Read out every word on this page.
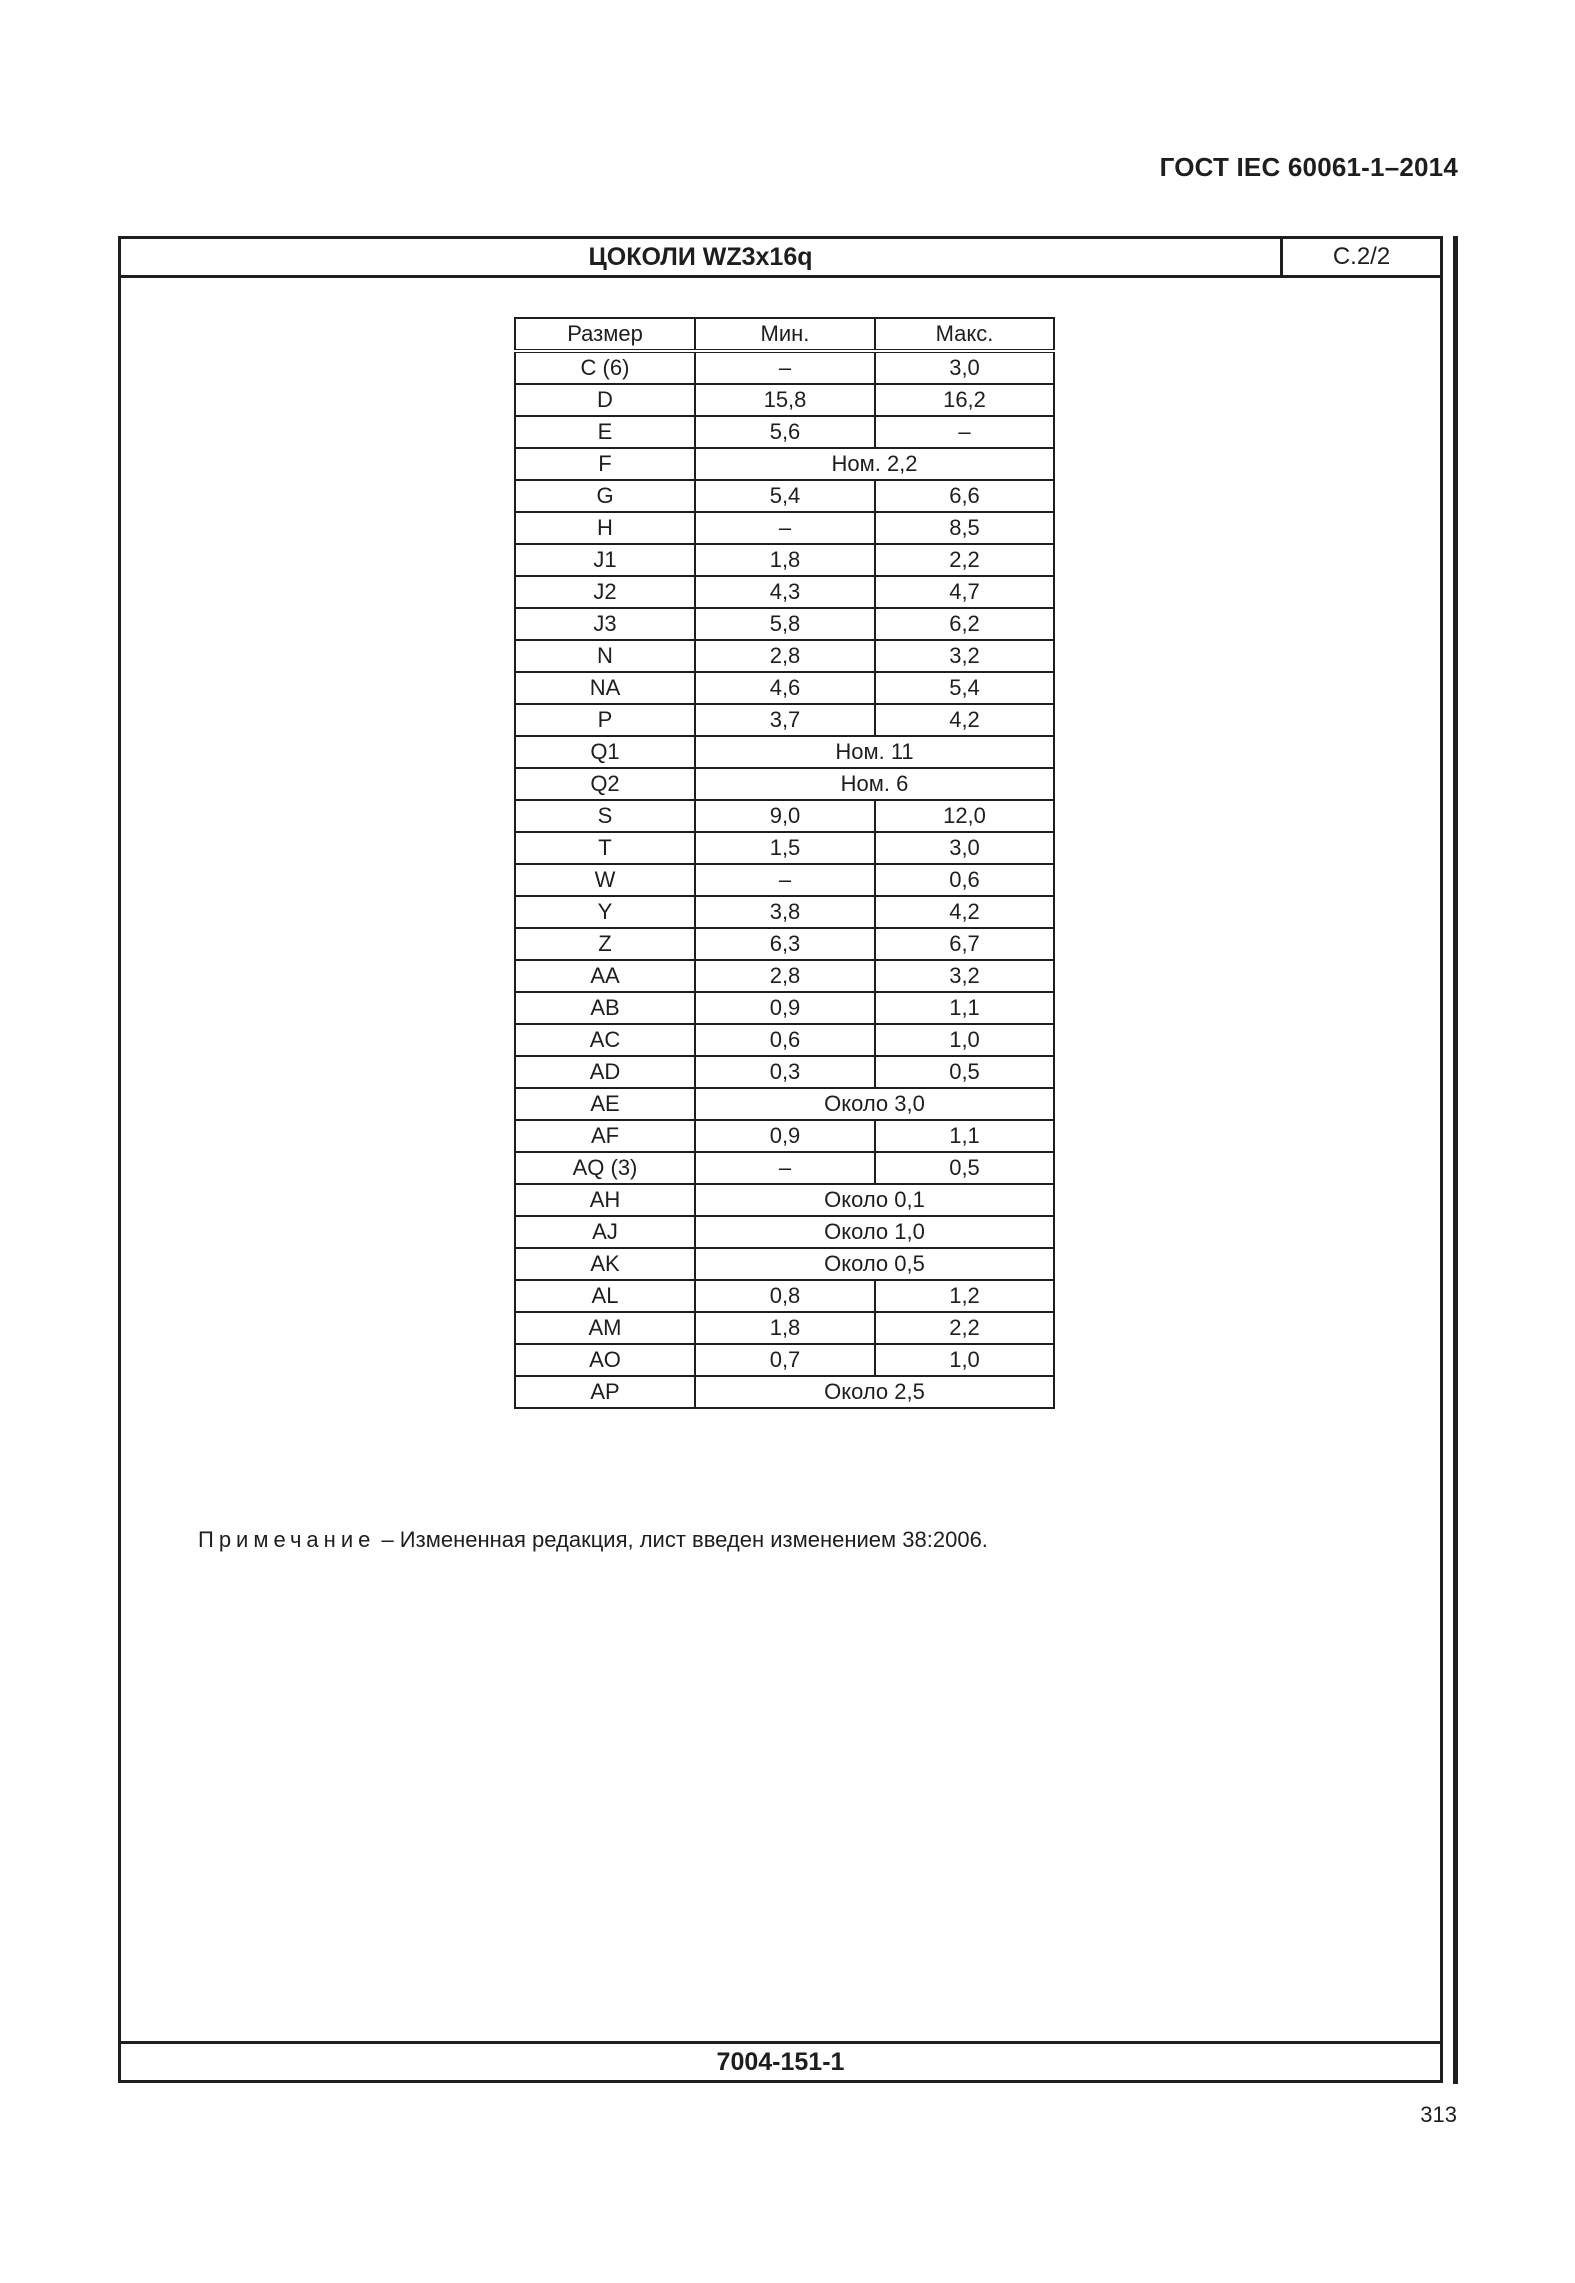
ГОСТ IEC 60061-1–2014
ЦОКОЛИ WZ3x16q	C.2/2
Размер	Мин.	Макс.
C (6)	–	3,0
D	15,8	16,2
E	5,6	–
F	Ном. 2,2	
G	5,4	6,6
H	–	8,5
J1	1,8	2,2
J2	4,3	4,7
J3	5,8	6,2
N	2,8	3,2
NA	4,6	5,4
P	3,7	4,2
Q1	Ном. 11	
Q2	Ном. 6	
S	9,0	12,0
T	1,5	3,0
W	–	0,6
Y	3,8	4,2
Z	6,3	6,7
AA	2,8	3,2
AB	0,9	1,1
AC	0,6	1,0
AD	0,3	0,5
AE	Около 3,0	
AF	0,9	1,1
AQ (3)	–	0,5
AH	Около 0,1	
AJ	Около 1,0	
AK	Около 0,5	
AL	0,8	1,2
AM	1,8	2,2
AO	0,7	1,0
AP	Около 2,5	
Примечание – Измененная редакция, лист введен изменением 38:2006.
7004-151-1
313
